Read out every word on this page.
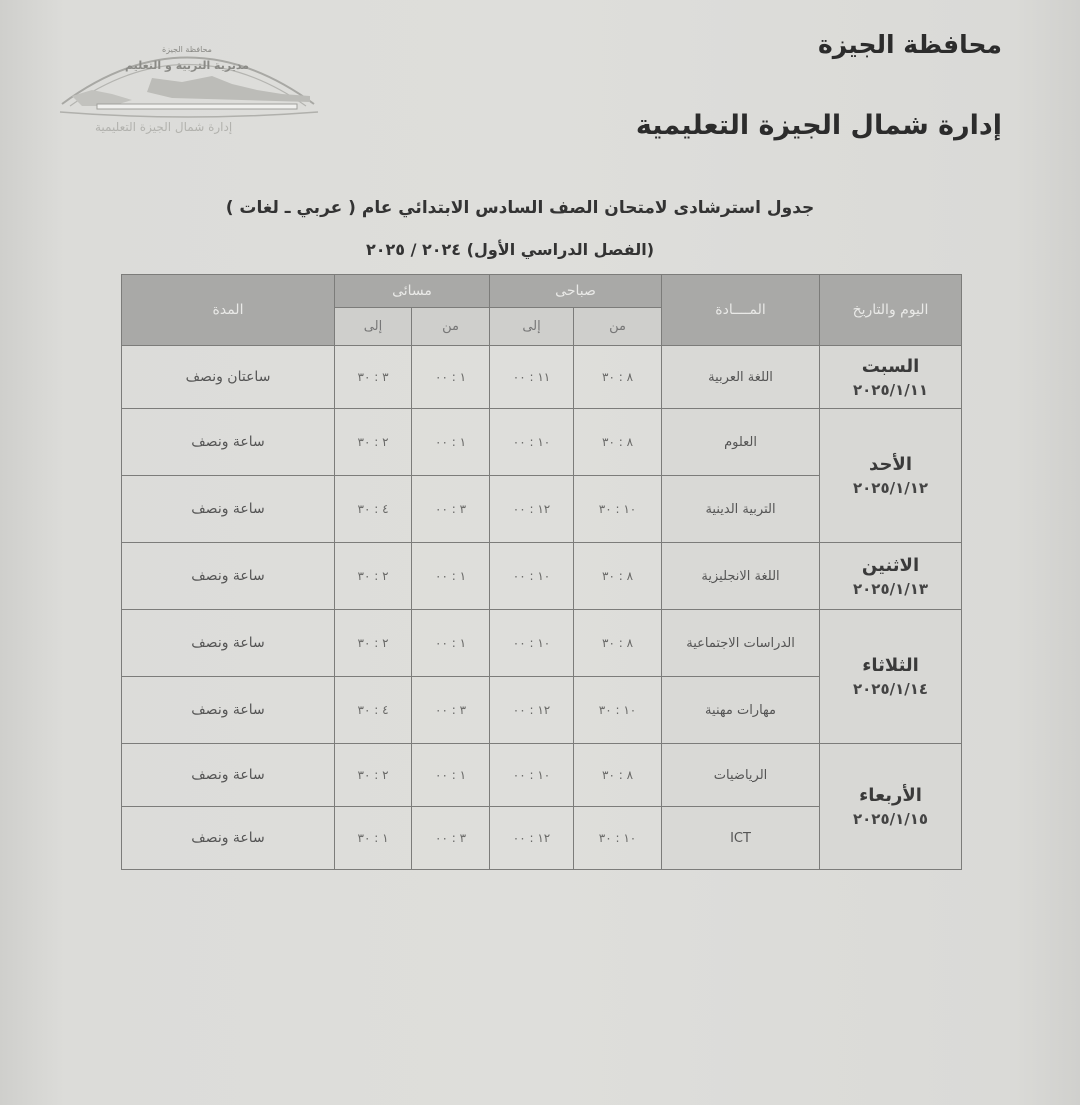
محافظة الجيزة
مديرية التربية و التعليم
إدارة شمال الجيزة التعليمية
محافظة الجيزة
إدارة شمال الجيزة التعليمية
جدول استرشادى لامتحان الصف السادس الابتدائي عام ( عربي ـ لغات )
(الفصل الدراسي الأول) ٢٠٢٤ / ٢٠٢٥
اليوم والتاريخ	المــــادة	صباحى		مسائى		المدة
		من	إلى	من	إلى	

السبت
٢٠٢٥/١/١١	اللغة العربية	٨ : ٣٠	١١ : ٠٠	١ : ٠٠	٣ : ٣٠	ساعتان ونصف

الأحد
٢٠٢٥/١/١٢	العلوم	٨ : ٣٠	١٠ : ٠٠	١ : ٠٠	٢ : ٣٠	ساعة ونصف
	التربية الدينية	١٠ : ٣٠	١٢ : ٠٠	٣ : ٠٠	٤ : ٣٠	ساعة ونصف

الاثنين
٢٠٢٥/١/١٣	اللغة الانجليزية	٨ : ٣٠	١٠ : ٠٠	١ : ٠٠	٢ : ٣٠	ساعة ونصف

الثلاثاء
٢٠٢٥/١/١٤	الدراسات الاجتماعية	٨ : ٣٠	١٠ : ٠٠	١ : ٠٠	٢ : ٣٠	ساعة ونصف
	مهارات مهنية	١٠ : ٣٠	١٢ : ٠٠	٣ : ٠٠	٤ : ٣٠	ساعة ونصف

الأربعاء
٢٠٢٥/١/١٥	الرياضيات	٨ : ٣٠	١٠ : ٠٠	١ : ٠٠	٢ : ٣٠	ساعة ونصف
	ICT	١٠ : ٣٠	١٢ : ٠٠	٣ : ٠٠	١ : ٣٠	ساعة ونصف
